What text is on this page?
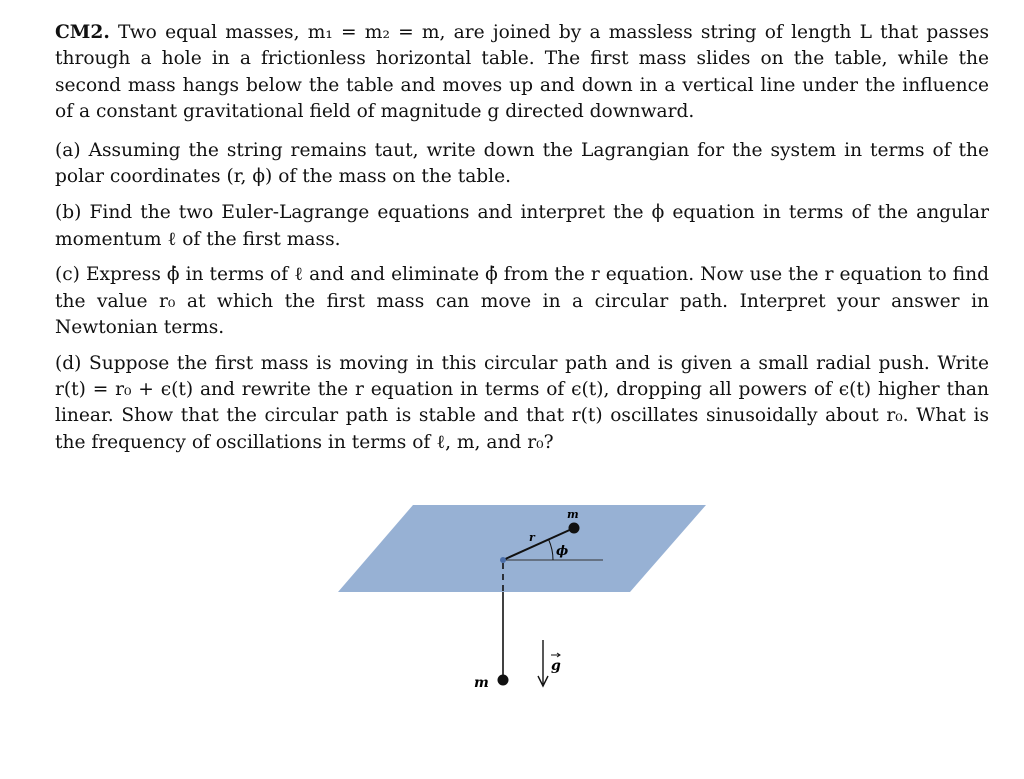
CM2. Two equal masses, m₁ = m₂ = m, are joined by a massless string of length L that passes through a hole in a frictionless horizontal table. The first mass slides on the table, while the second mass hangs below the table and moves up and down in a vertical line under the influence of a constant gravitational field of magnitude g directed downward.

(a) Assuming the string remains taut, write down the Lagrangian for the system in terms of the polar coordinates (r, ϕ) of the mass on the table.

(b) Find the two Euler-Lagrange equations and interpret the ϕ equation in terms of the angular momentum ℓ of the first mass.

(c) Express ϕ̇ in terms of ℓ and and eliminate ϕ̇ from the r equation. Now use the r equation to find the value r₀ at which the first mass can move in a circular path. Interpret your answer in Newtonian terms.

(d) Suppose the first mass is moving in this circular path and is given a small radial push. Write r(t) = r₀ + ϵ(t) and rewrite the r equation in terms of ϵ(t), dropping all powers of ϵ(t) higher than linear. Show that the circular path is stable and that r(t) oscillates sinusoidally about r₀. What is the frequency of oscillations in terms of ℓ, m, and r₀?

m
r
ϕ
m
g
